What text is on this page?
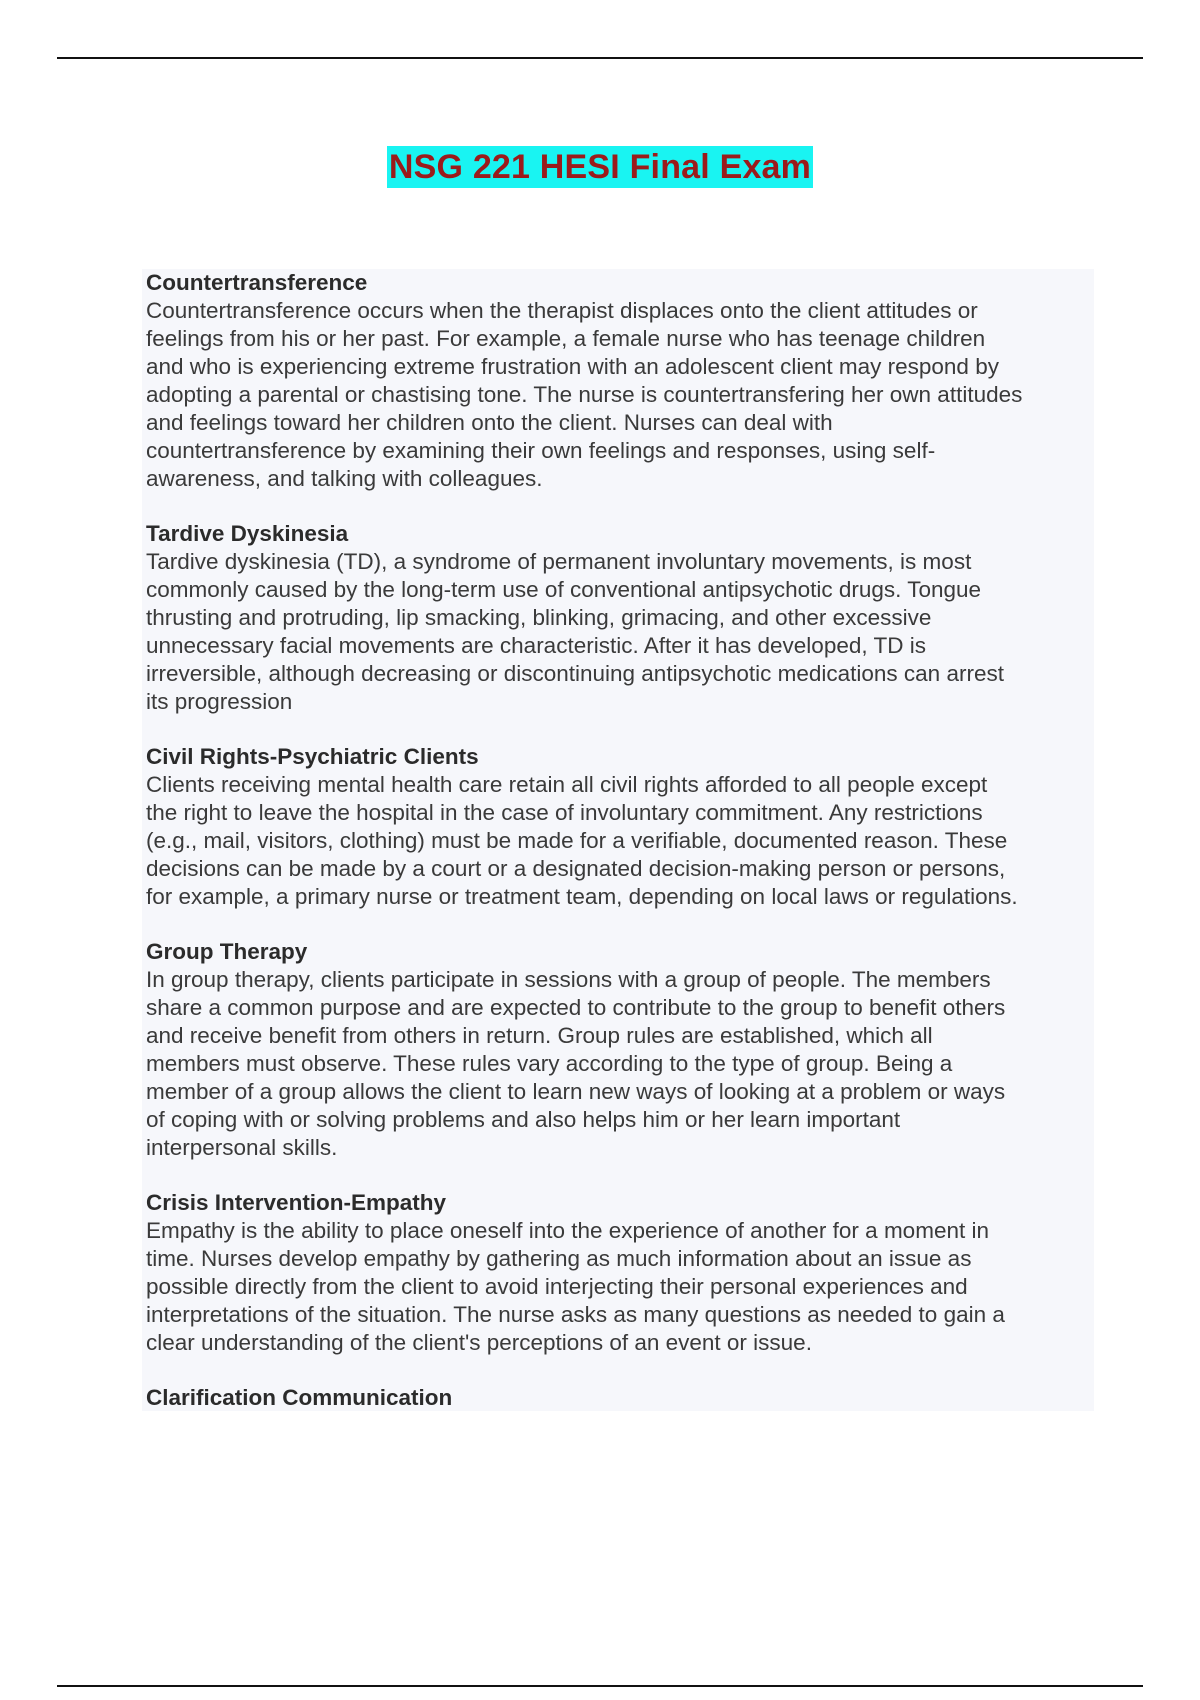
NSG 221 HESI Final Exam
Countertransference
Countertransference occurs when the therapist displaces onto the client attitudes or
feelings from his or her past. For example, a female nurse who has teenage children
and who is experiencing extreme frustration with an adolescent client may respond by
adopting a parental or chastising tone. The nurse is countertransfering her own attitudes
and feelings toward her children onto the client. Nurses can deal with
countertransference by examining their own feelings and responses, using self-
awareness, and talking with colleagues.
Tardive Dyskinesia
Tardive dyskinesia (TD), a syndrome of permanent involuntary movements, is most
commonly caused by the long-term use of conventional antipsychotic drugs. Tongue
thrusting and protruding, lip smacking, blinking, grimacing, and other excessive
unnecessary facial movements are characteristic. After it has developed, TD is
irreversible, although decreasing or discontinuing antipsychotic medications can arrest
its progression
Civil Rights-Psychiatric Clients
Clients receiving mental health care retain all civil rights afforded to all people except
the right to leave the hospital in the case of involuntary commitment. Any restrictions
(e.g., mail, visitors, clothing) must be made for a verifiable, documented reason. These
decisions can be made by a court or a designated decision-making person or persons,
for example, a primary nurse or treatment team, depending on local laws or regulations.
Group Therapy
In group therapy, clients participate in sessions with a group of people. The members
share a common purpose and are expected to contribute to the group to benefit others
and receive benefit from others in return. Group rules are established, which all
members must observe. These rules vary according to the type of group. Being a
member of a group allows the client to learn new ways of looking at a problem or ways
of coping with or solving problems and also helps him or her learn important
interpersonal skills.
Crisis Intervention-Empathy
Empathy is the ability to place oneself into the experience of another for a moment in
time. Nurses develop empathy by gathering as much information about an issue as
possible directly from the client to avoid interjecting their personal experiences and
interpretations of the situation. The nurse asks as many questions as needed to gain a
clear understanding of the client's perceptions of an event or issue.
Clarification Communication
